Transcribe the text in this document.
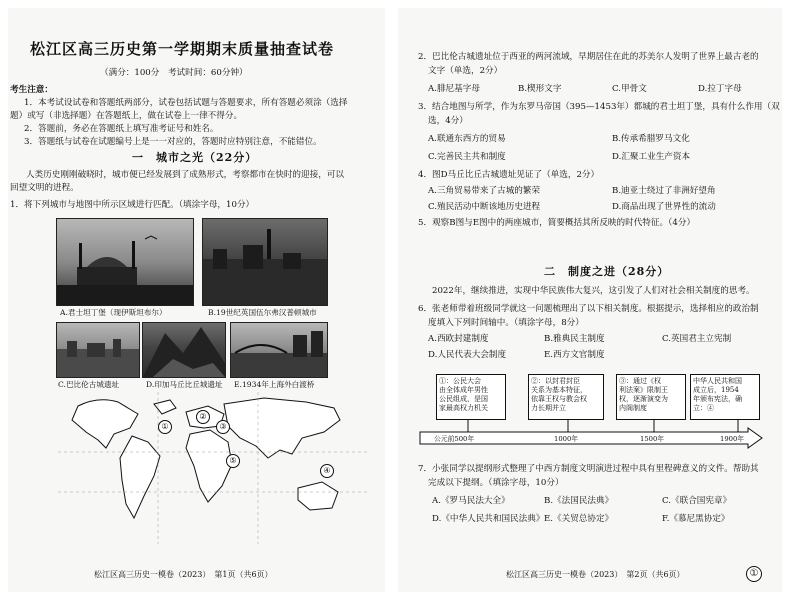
松江区高三历史第一学期期末质量抽查试卷
（满分：100分　考试时间：60分钟）
考生注意：
1．本考试设试卷和答题纸两部分，试卷包括试题与答题要求，所有答题必须涂（选择
题）或写（非选择题）在答题纸上，做在试卷上一律不得分。
2．答题前，务必在答题纸上填写准考证号和姓名。
3．答题纸与试卷在试题编号上是一一对应的，答题时应特别注意，不能错位。
一　城市之光（22分）
人类历史刚刚破晓时，城市便已经发展到了成熟形式，考察都市在快时的迎接，可以
回望文明的进程。
1．将下列城市与地图中所示区域进行匹配。（填涂字母，10分）
A.君士坦丁堡（现伊斯坦布尔）	B.19世纪英国伍尔弗汉普顿城市
C.巴比伦古城遗址	D.印加马丘比丘城遗址 E.1934年上海外白渡桥
①
②
③
④
⑤
松江区高三历史一模卷（2023）　第1页（共6页）
2．巴比伦古城遗址位于西亚的两河流域，早期居住在此的苏美尔人发明了世界上最古老的
文字（单选，2分）
A.腓尼基字母	B.楔形文字	C.甲骨文	D.拉丁字母
3．结合地图与所学，作为东罗马帝国（395—1453年）都城的君士坦丁堡，具有什么作用（双
选，4分）
A.联通东西方的贸易	B.传承希腊罗马文化
C.完善民主共和制度	D.汇聚工业生产资本
4．图D马丘比丘古城遗址见证了（单选，2分）
A.三角贸易带来了古城的繁荣	B.迪亚士绕过了非洲好望角
C.殖民活动中断该地历史进程	D.商品出现了世界性的流动
5．观察B图与E图中的两座城市，简要概括其所反映的时代特征。（4分）
二　制度之进（28分）
2022年，继续推进，实现中华民族伟大复兴，这引发了人们对社会相关制度的思考。
6．张老师带着班级同学就这一问题梳理出了以下相关制度。根据提示，选择相应的政治制
度填入下列时间轴中。（填涂字母，8分）
A.西欧封建制度	B.雅典民主制度	C.英国君主立宪制
D.人民代表大会制度	E.西方文官制度
①：公民大会
由全体成年男性
公民组成，是国
家最高权力机关
②：以封君封臣
关系为基本特征，
依靠王权与教会权
力长期并立
③：通过《权
利法案》限制王
权，逐渐演变为
内阁制度
中华人民共和国
成立后，1954
年颁布宪法，确
立：④
公元前500年	1000年	1500年	1900年
7．小张同学以提纲形式整理了中西方制度文明演进过程中具有里程碑意义的文件。帮助其
完成以下提纲。（填涂字母，10分）
A.《罗马民法大全》	B.《法国民法典》	C.《联合国宪章》
D.《中华人民共和国民法典》 E.《关贸总协定》	F.《慕尼黑协定》
松江区高三历史一模卷（2023）　第2页（共6页）	①
